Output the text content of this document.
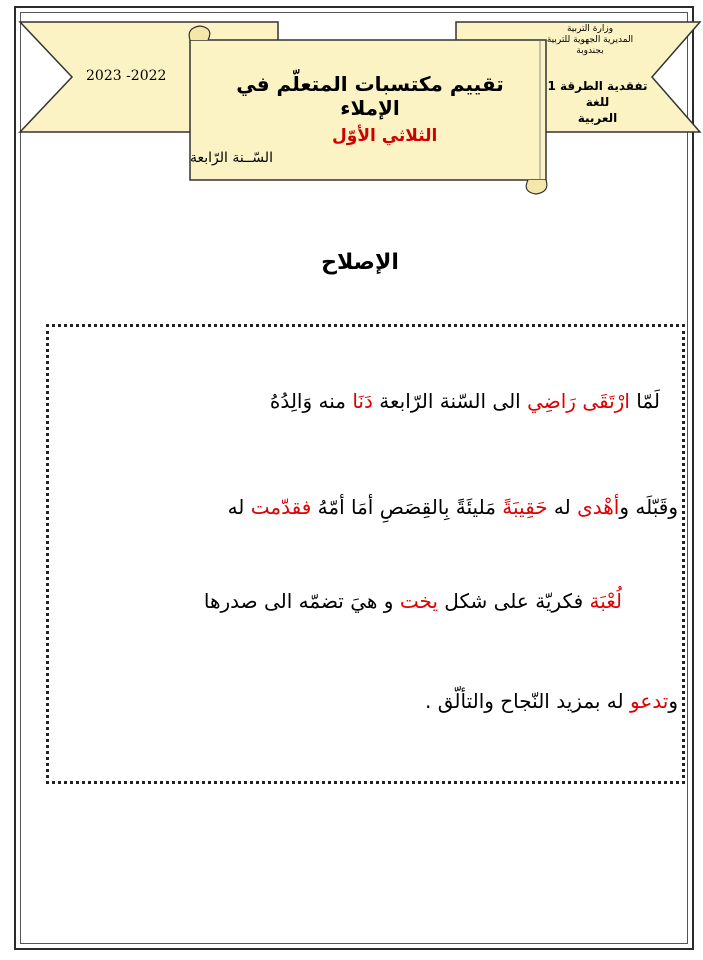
2023 -2022
وزارة التربية
المديرية الجهوية للتربية
بجندوبة
تفقدية الطرقة 1 للغة
العربية
تقييم مكتسبات المتعلّم في الإملاء
الثلاثي الأوّل
السّــنة الرّابعة
الإصلاح
لَمّا ارْتَقَى رَاضِي الى السّنة الرّابعة دَنَا منه وَالِدُهُ
وقَبّلَه وأهْدى له حَقِيبَةً مَليئَةً بِالقِصَصِ أمَا أمّهُ فقدّمت له
لُعْبَة فكريّة على شكل يخت و هيَ تضمّه الى صدرها
وتدعو له بمزيد النّجاح والتألّق .
